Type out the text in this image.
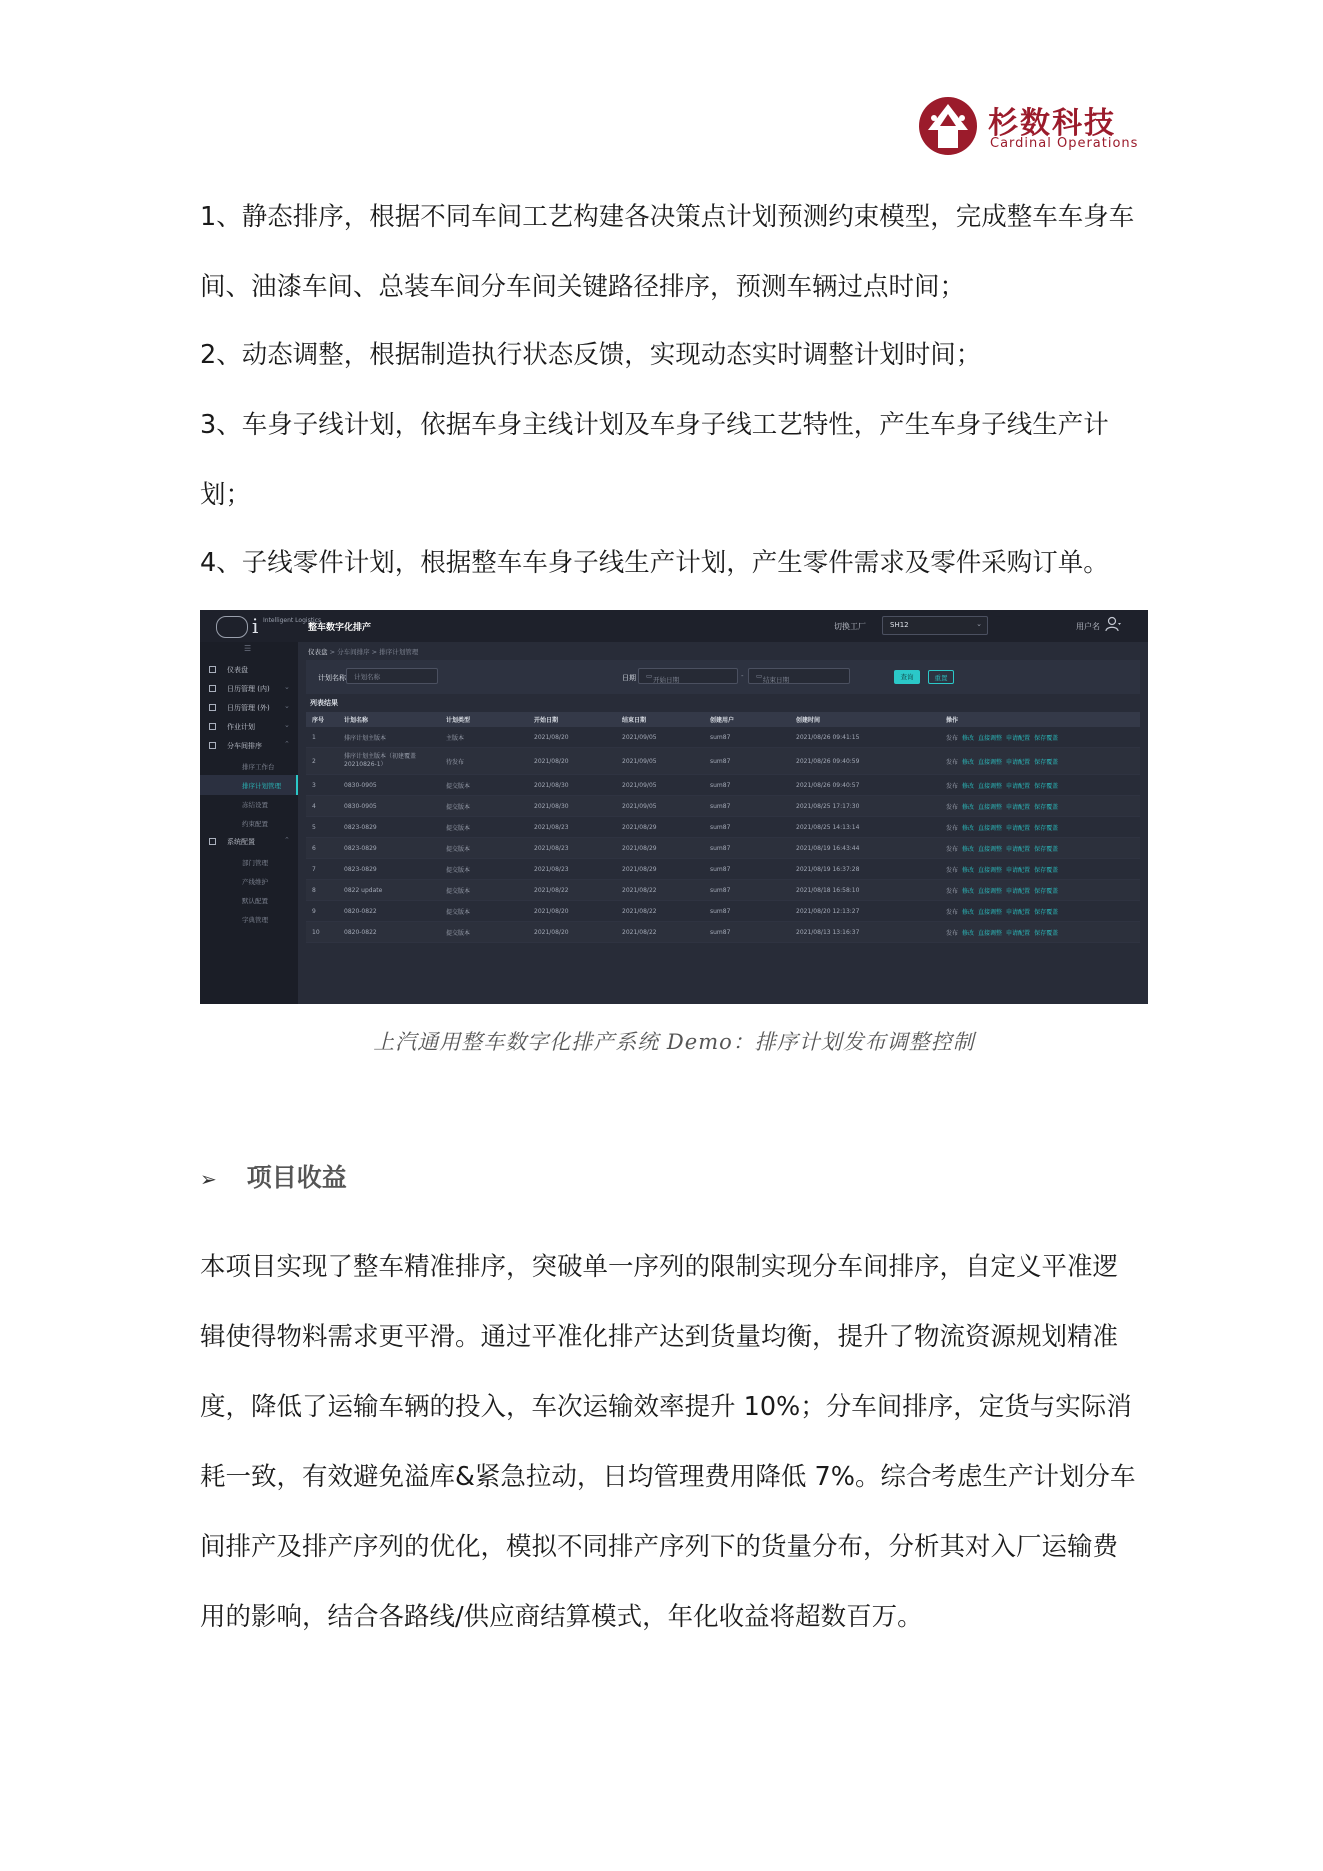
杉数科技
Cardinal Operations
1、静态排序，根据不同车间工艺构建各决策点计划预测约束模型，完成整车车身车间、油漆车间、总装车间分车间关键路径排序，预测车辆过点时间；
2、动态调整，根据制造执行状态反馈，实现动态实时调整计划时间；
3、车身子线计划，依据车身主线计划及车身子线工艺特性，产生车身子线生产计划；
4、子线零件计划，根据整车车身子线生产计划，产生零件需求及零件采购订单。
i Intelligent Logistics
整车数字化排产	切换工厂	SH12	⌄	用户名
☰
仪表盘
日历管理 (内) ⌄
日历管理 (外) ⌄
作业计划	⌄
分车间排序	⌃
排序工作台
排序计划管理
冻结设置
约束配置
系统配置	⌃
部门管理
产线维护
默认配置
字典管理
仪表盘 > 分车间排序 > 排序计划管理
计划名称 计划名称	日期 ▭ 开始日期	- ▭ 结束日期	查询	重置
列表结果
序号	计划名称	计划类型	开始日期	结束日期	创建用户	创建时间	操作
1	排序计划主版本	主版本	2021/08/20	2021/09/05	sum87	2021/08/26 09:41:15	发布 修改 直接调整 申请配置 保存覆盖
2	排序计划主版本（初建覆盖 20210826-1）	待发布	2021/08/20	2021/09/05	sum87	2021/08/26 09:40:59	发布 修改 直接调整 申请配置 保存覆盖
3	0830-0905	提交版本	2021/08/30	2021/09/05	sum87	2021/08/26 09:40:57	发布 修改 直接调整 申请配置 保存覆盖
4	0830-0905	提交版本	2021/08/30	2021/09/05	sum87	2021/08/25 17:17:30	发布 修改 直接调整 申请配置 保存覆盖
5	0823-0829	提交版本	2021/08/23	2021/08/29	sum87	2021/08/25 14:13:14	发布 修改 直接调整 申请配置 保存覆盖
6	0823-0829	提交版本	2021/08/23	2021/08/29	sum87	2021/08/19 16:43:44	发布 修改 直接调整 申请配置 保存覆盖
7	0823-0829	提交版本	2021/08/23	2021/08/29	sum87	2021/08/19 16:37:28	发布 修改 直接调整 申请配置 保存覆盖
8	0822 update	提交版本	2021/08/22	2021/08/22	sum87	2021/08/18 16:58:10	发布 修改 直接调整 申请配置 保存覆盖
9	0820-0822	提交版本	2021/08/20	2021/08/22	sum87	2021/08/20 12:13:27	发布 修改 直接调整 申请配置 保存覆盖
10	0820-0822	提交版本	2021/08/20	2021/08/22	sum87	2021/08/13 13:16:37	发布 修改 直接调整 申请配置 保存覆盖
上汽通用整车数字化排产系统 Demo：排序计划发布调整控制
➢ 项目收益
本项目实现了整车精准排序，突破单一序列的限制实现分车间排序，自定义平准逻辑使得物料需求更平滑。通过平准化排产达到货量均衡，提升了物流资源规划精准度，降低了运输车辆的投入，车次运输效率提升 10%；分车间排序，定货与实际消耗一致，有效避免溢库&紧急拉动，日均管理费用降低 7%。综合考虑生产计划分车间排产及排产序列的优化，模拟不同排产序列下的货量分布，分析其对入厂运输费用的影响，结合各路线/供应商结算模式，年化收益将超数百万。
